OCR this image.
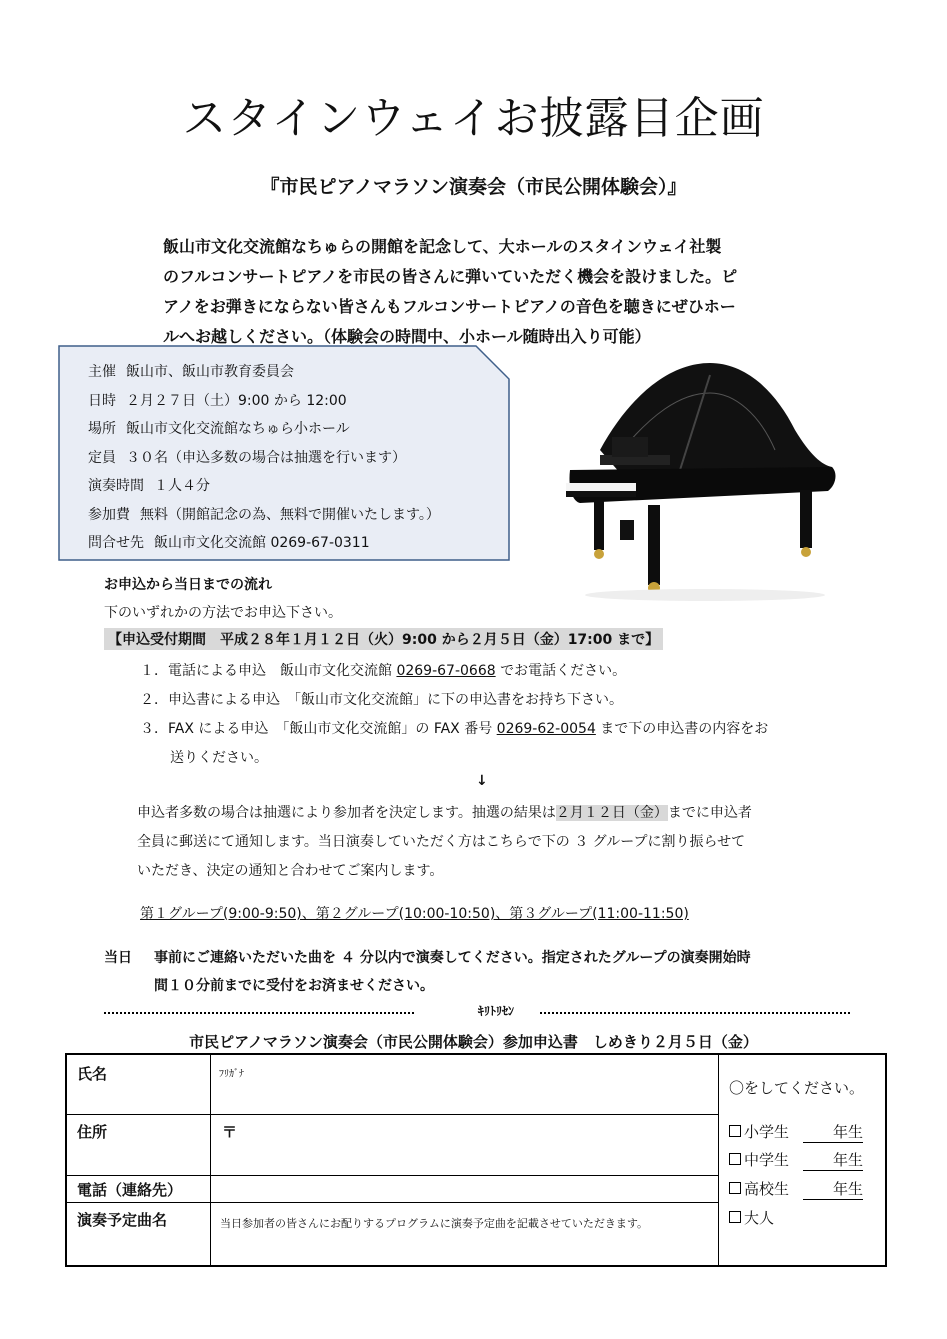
スタインウェイお披露目企画
『市民ピアノマラソン演奏会（市民公開体験会）』
飯山市文化交流館なちゅらの開館を記念して、大ホールのスタインウェイ社製
のフルコンサートピアノを市民の皆さんに弾いていただく機会を設けました。ピ
アノをお弾きにならない皆さんもフルコンサートピアノの音色を聴きにぜひホー
ルへお越しください。（体験会の時間中、小ホール随時出入り可能）
主催 飯山市、飯山市教育委員会
日時 ２月２７日（土）9:00 から 12:00
場所 飯山市文化交流館なちゅら小ホール
定員 ３０名（申込多数の場合は抽選を行います）
演奏時間 １人４分
参加費 無料（開館記念の為、無料で開催いたします。）
問合せ先 飯山市文化交流館 0269-67-0311
お申込から当日までの流れ
下のいずれかの方法でお申込下さい。
【申込受付期間　平成２８年１月１２日（火）9:00 から２月５日（金）17:00 まで】
１．電話による申込　飯山市文化交流館 0269-67-0668 でお電話ください。
２．申込書による申込　「飯山市文化交流館」に下の申込書をお持ち下さい。
３．FAX による申込　「飯山市文化交流館」の FAX 番号 0269-62-0054 まで下の申込書の内容をお
送りください。
↓
申込者多数の場合は抽選により参加者を決定します。抽選の結果は２月１２日（金）までに申込者
全員に郵送にて通知します。当日演奏していただく方はこちらで下の ３ グループに割り振らせて
いただき、決定の通知と合わせてご案内します。
第１グループ(9:00-9:50)、第２グループ(10:00-10:50)、第３グループ(11:00-11:50)
当日 事前にご連絡いただいた曲を ４ 分以内で演奏してください。指定されたグループの演奏開始時
間１０分前までに受付をお済ませください。
ｷﾘﾄﾘｾﾝ
市民ピアノマラソン演奏会（市民公開体験会）参加申込書　しめきり２月５日（金）
氏名	ﾌﾘｶﾞﾅ
住所	〒
電話（連絡先）
演奏予定曲名	当日参加者の皆さんにお配りするプログラムに演奏予定曲を記載させていただきます。
〇をしてください。
小学生	年生
中学生	年生
高校生	年生
大人
